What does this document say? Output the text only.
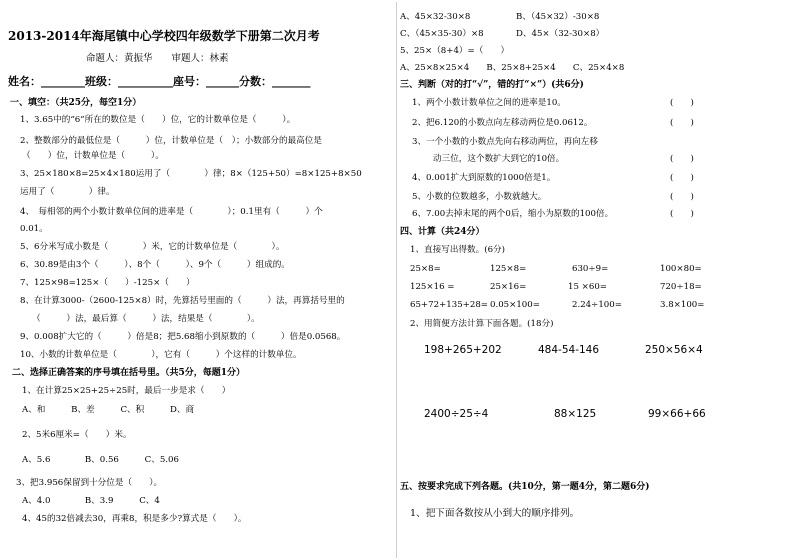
2013-2014年海尾镇中心学校四年级数学下册第二次月考
命题人：黄振华　　审题人：林素
姓名：________班级：__________座号：______分数：_______
一、填空：（共25分，每空1分）
1、3.65中的“6”所在的数位是（　　）位，它的计数单位是（　　　）。
2、整数部分的最低位是（　　　）位，计数单位是（　）；小数部分的最高位是
（　　）位，计数单位是（　　　）。
3、25×180×8=25×4×180运用了（　　　　）律；8×（125+50）=8×125+8×50
运用了（　　　　）律。
4、　每相邻的两个小数计数单位间的进率是（　　　　）；0.1里有（　　　）个
0.01。
5、6分米写成小数是（　　　　）米，它的计数单位是（　　　　）。
6、30.89是由3个（　　　）、8个（　　　）、9个（　　　）组成的。
7、125×98=125×（　　）-125×（　　）
8、在计算3000-（2600-125×8）时，先算括号里面的（　　　）法，再算括号里的
（　　　）法，最后算（　　　）法，结果是（　　　　）。
9、0.008扩大它的（　　　）倍是8；把5.68缩小到原数的（　　　）倍是0.0568。
10、小数的计数单位是（　　　　），它有（　　　）个这样的计数单位。
二、选择正确答案的序号填在括号里。（共5分，每题1分）
1、在计算25×25+25÷25时，最后一步是求（　　）
A、和　　　B、差　　　C、积　　　D、商
2、5米6厘米=（　　）米。
A、5.6　　　　B、0.56　　　C、5.06
3、把3.956保留到十分位是（　　）。
A、4.0　　　　B、3.9　　　C、4
4、45的32倍减去30，再乘8，积是多少?算式是（　　）。
A、45×32-30×8	B、（45×32）-30×8
C、（45×35-30）×8	D、45×（32-30×8）
5、25×（8+4）=（　　）
A、25×8×25×4　　B、25×8+25×4　　C、25×4×8
三、判断（对的打“√”，错的打“×”）(共6分)
1、两个小数计数单位之间的进率是10。	(　　)
2、把6.120的小数点向左移动两位是0.0612。	(　　)
3、一个小数的小数点先向右移动两位，再向左移
动三位，这个数扩大到它的10倍。	(　　)
4、0.001扩大到原数的1000倍是1。	(　　)
5、小数的位数越多，小数就越大。	(　　)
6、7.00去掉末尾的两个0后，缩小为原数的100倍。	(　　)
四、计算（共24分）
1、直接写出得数。(6分)
25×8=	125×8=	630÷9=	100×80=
125×16 =	25×16=	15 ×60=	720÷18=
65+72+135+28= 0.05×100=	2.24÷100=	3.8×100=
2、用简便方法计算下面各题。(18分)
198+265+202	484-54-146	250×56×4
2400÷25÷4	88×125	99×66+66
五、按要求完成下列各题。(共10分，第一题4分，第二题6分)
1、把下面各数按从小到大的顺序排列。
